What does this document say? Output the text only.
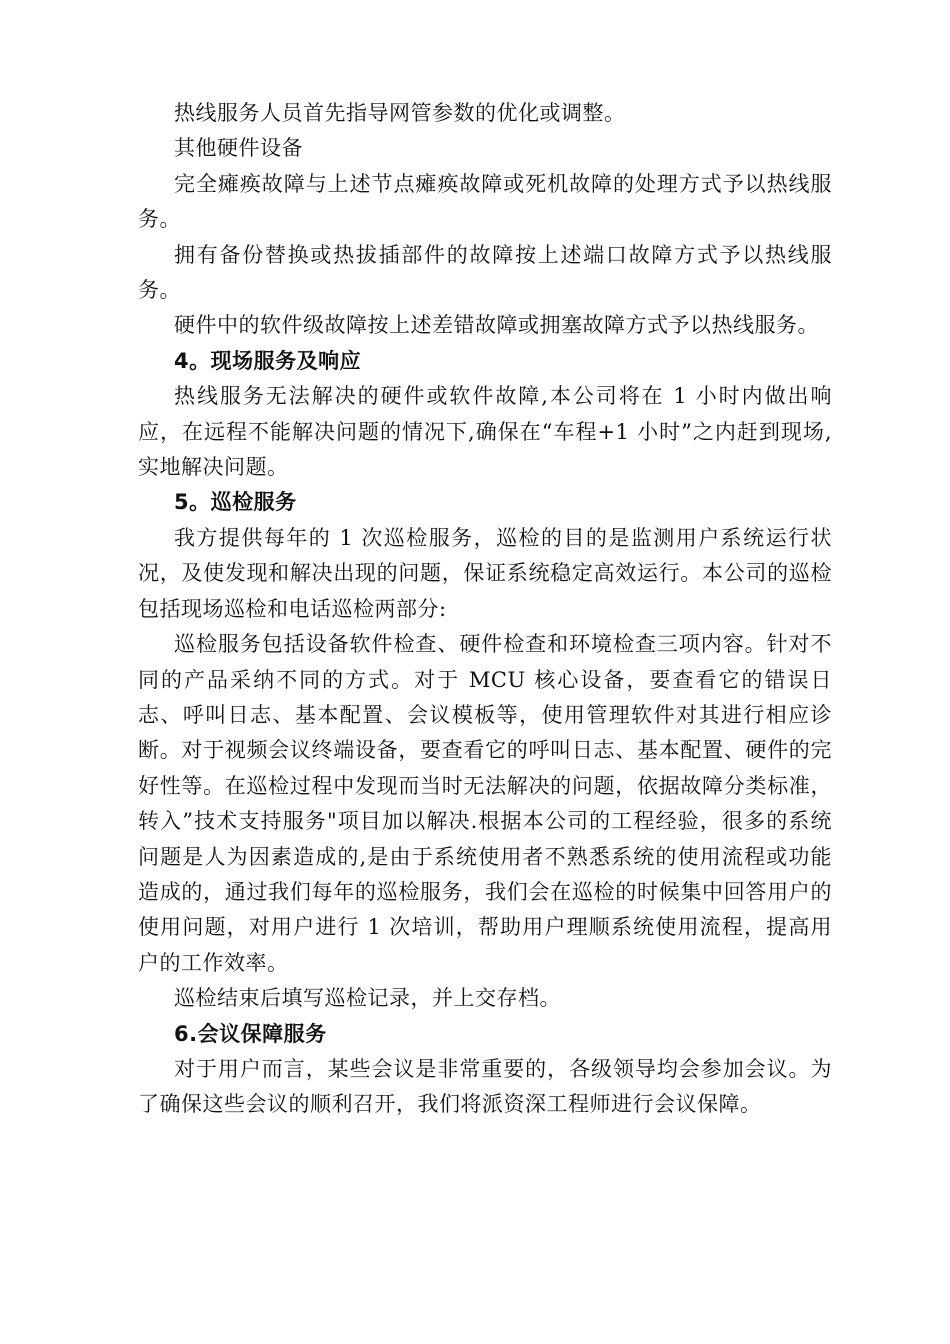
热线服务人员首先指导网管参数的优化或调整。

其他硬件设备

完全瘫痪故障与上述节点瘫痪故障或死机故障的处理方式予以热线服务。

拥有备份替换或热拔插部件的故障按上述端口故障方式予以热线服务。

硬件中的软件级故障按上述差错故障或拥塞故障方式予以热线服务。

4。现场服务及响应

热线服务无法解决的硬件或软件故障,本公司将在 1 小时内做出响应，在远程不能解决问题的情况下,确保在“车程+1 小时”之内赶到现场,实地解决问题。

5。巡检服务

我方提供每年的 1 次巡检服务，巡检的目的是监测用户系统运行状况，及使发现和解决出现的问题，保证系统稳定高效运行。本公司的巡检包括现场巡检和电话巡检两部分:

巡检服务包括设备软件检查、硬件检查和环境检查三项内容。针对不同的产品采纳不同的方式。对于 MCU 核心设备，要查看它的错误日志、呼叫日志、基本配置、会议模板等，使用管理软件对其进行相应诊断。对于视频会议终端设备，要查看它的呼叫日志、基本配置、硬件的完好性等。在巡检过程中发现而当时无法解决的问题，依据故障分类标准，转入”技术支持服务"项目加以解决.根据本公司的工程经验，很多的系统问题是人为因素造成的,是由于系统使用者不熟悉系统的使用流程或功能造成的，通过我们每年的巡检服务，我们会在巡检的时候集中回答用户的使用问题，对用户进行 1 次培训，帮助用户理顺系统使用流程，提高用户的工作效率。

巡检结束后填写巡检记录，并上交存档。

6.会议保障服务

对于用户而言，某些会议是非常重要的，各级领导均会参加会议。为了确保这些会议的顺利召开，我们将派资深工程师进行会议保障。
